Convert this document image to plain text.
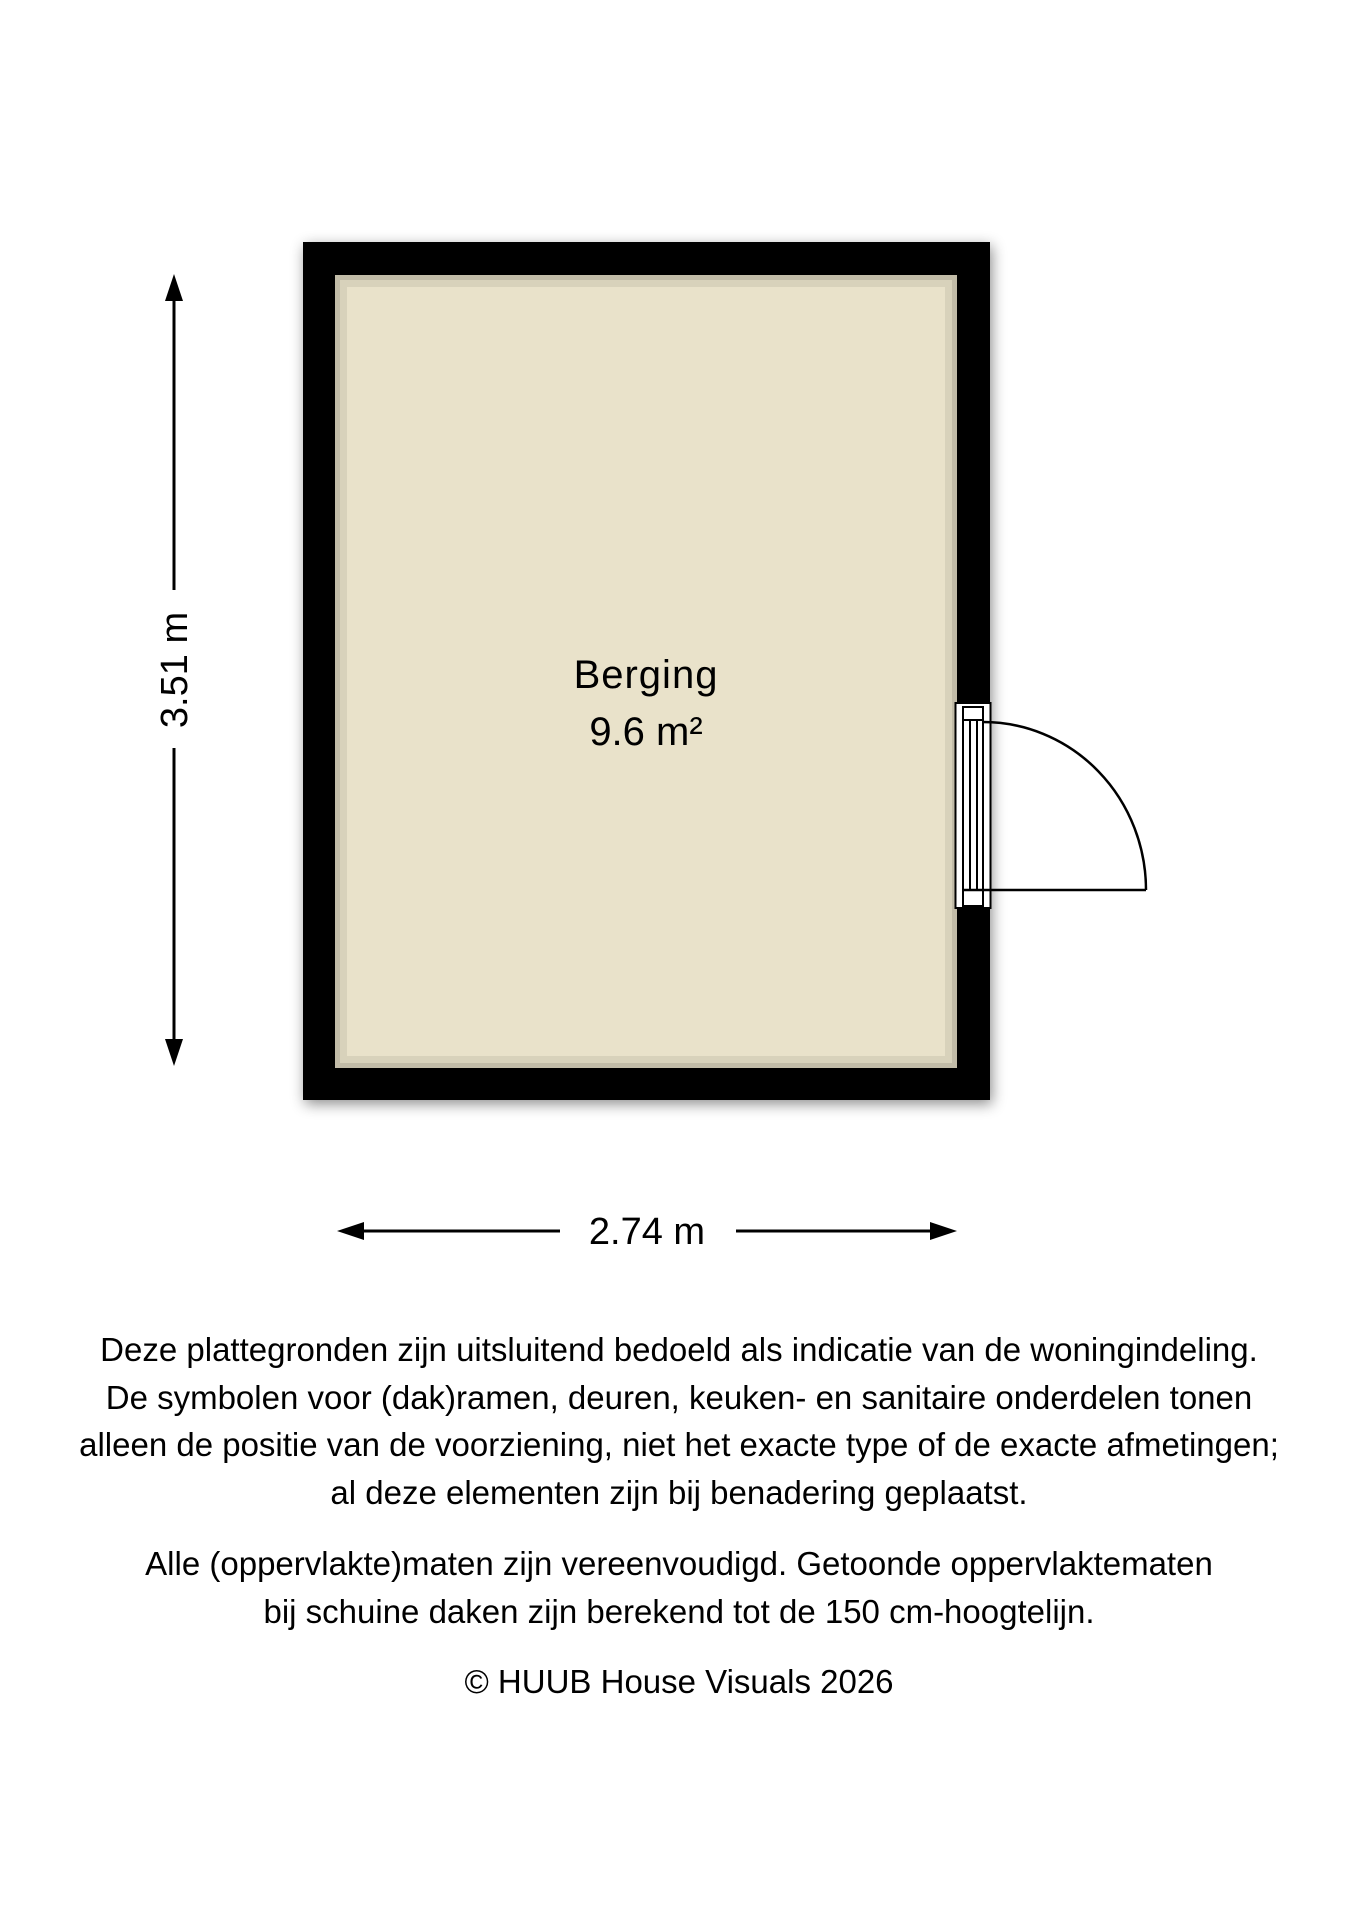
3.51 m
2.74 m
Berging
9.6 m²
Deze plattegronden zijn uitsluitend bedoeld als indicatie van de woningindeling.
De symbolen voor (dak)ramen, deuren, keuken- en sanitaire onderdelen tonen
alleen de positie van de voorziening, niet het exacte type of de exacte afmetingen;
al deze elementen zijn bij benadering geplaatst.
Alle (oppervlakte)maten zijn vereenvoudigd. Getoonde oppervlaktematen
bij schuine daken zijn berekend tot de 150 cm-hoogtelijn.
© HUUB House Visuals 2026
